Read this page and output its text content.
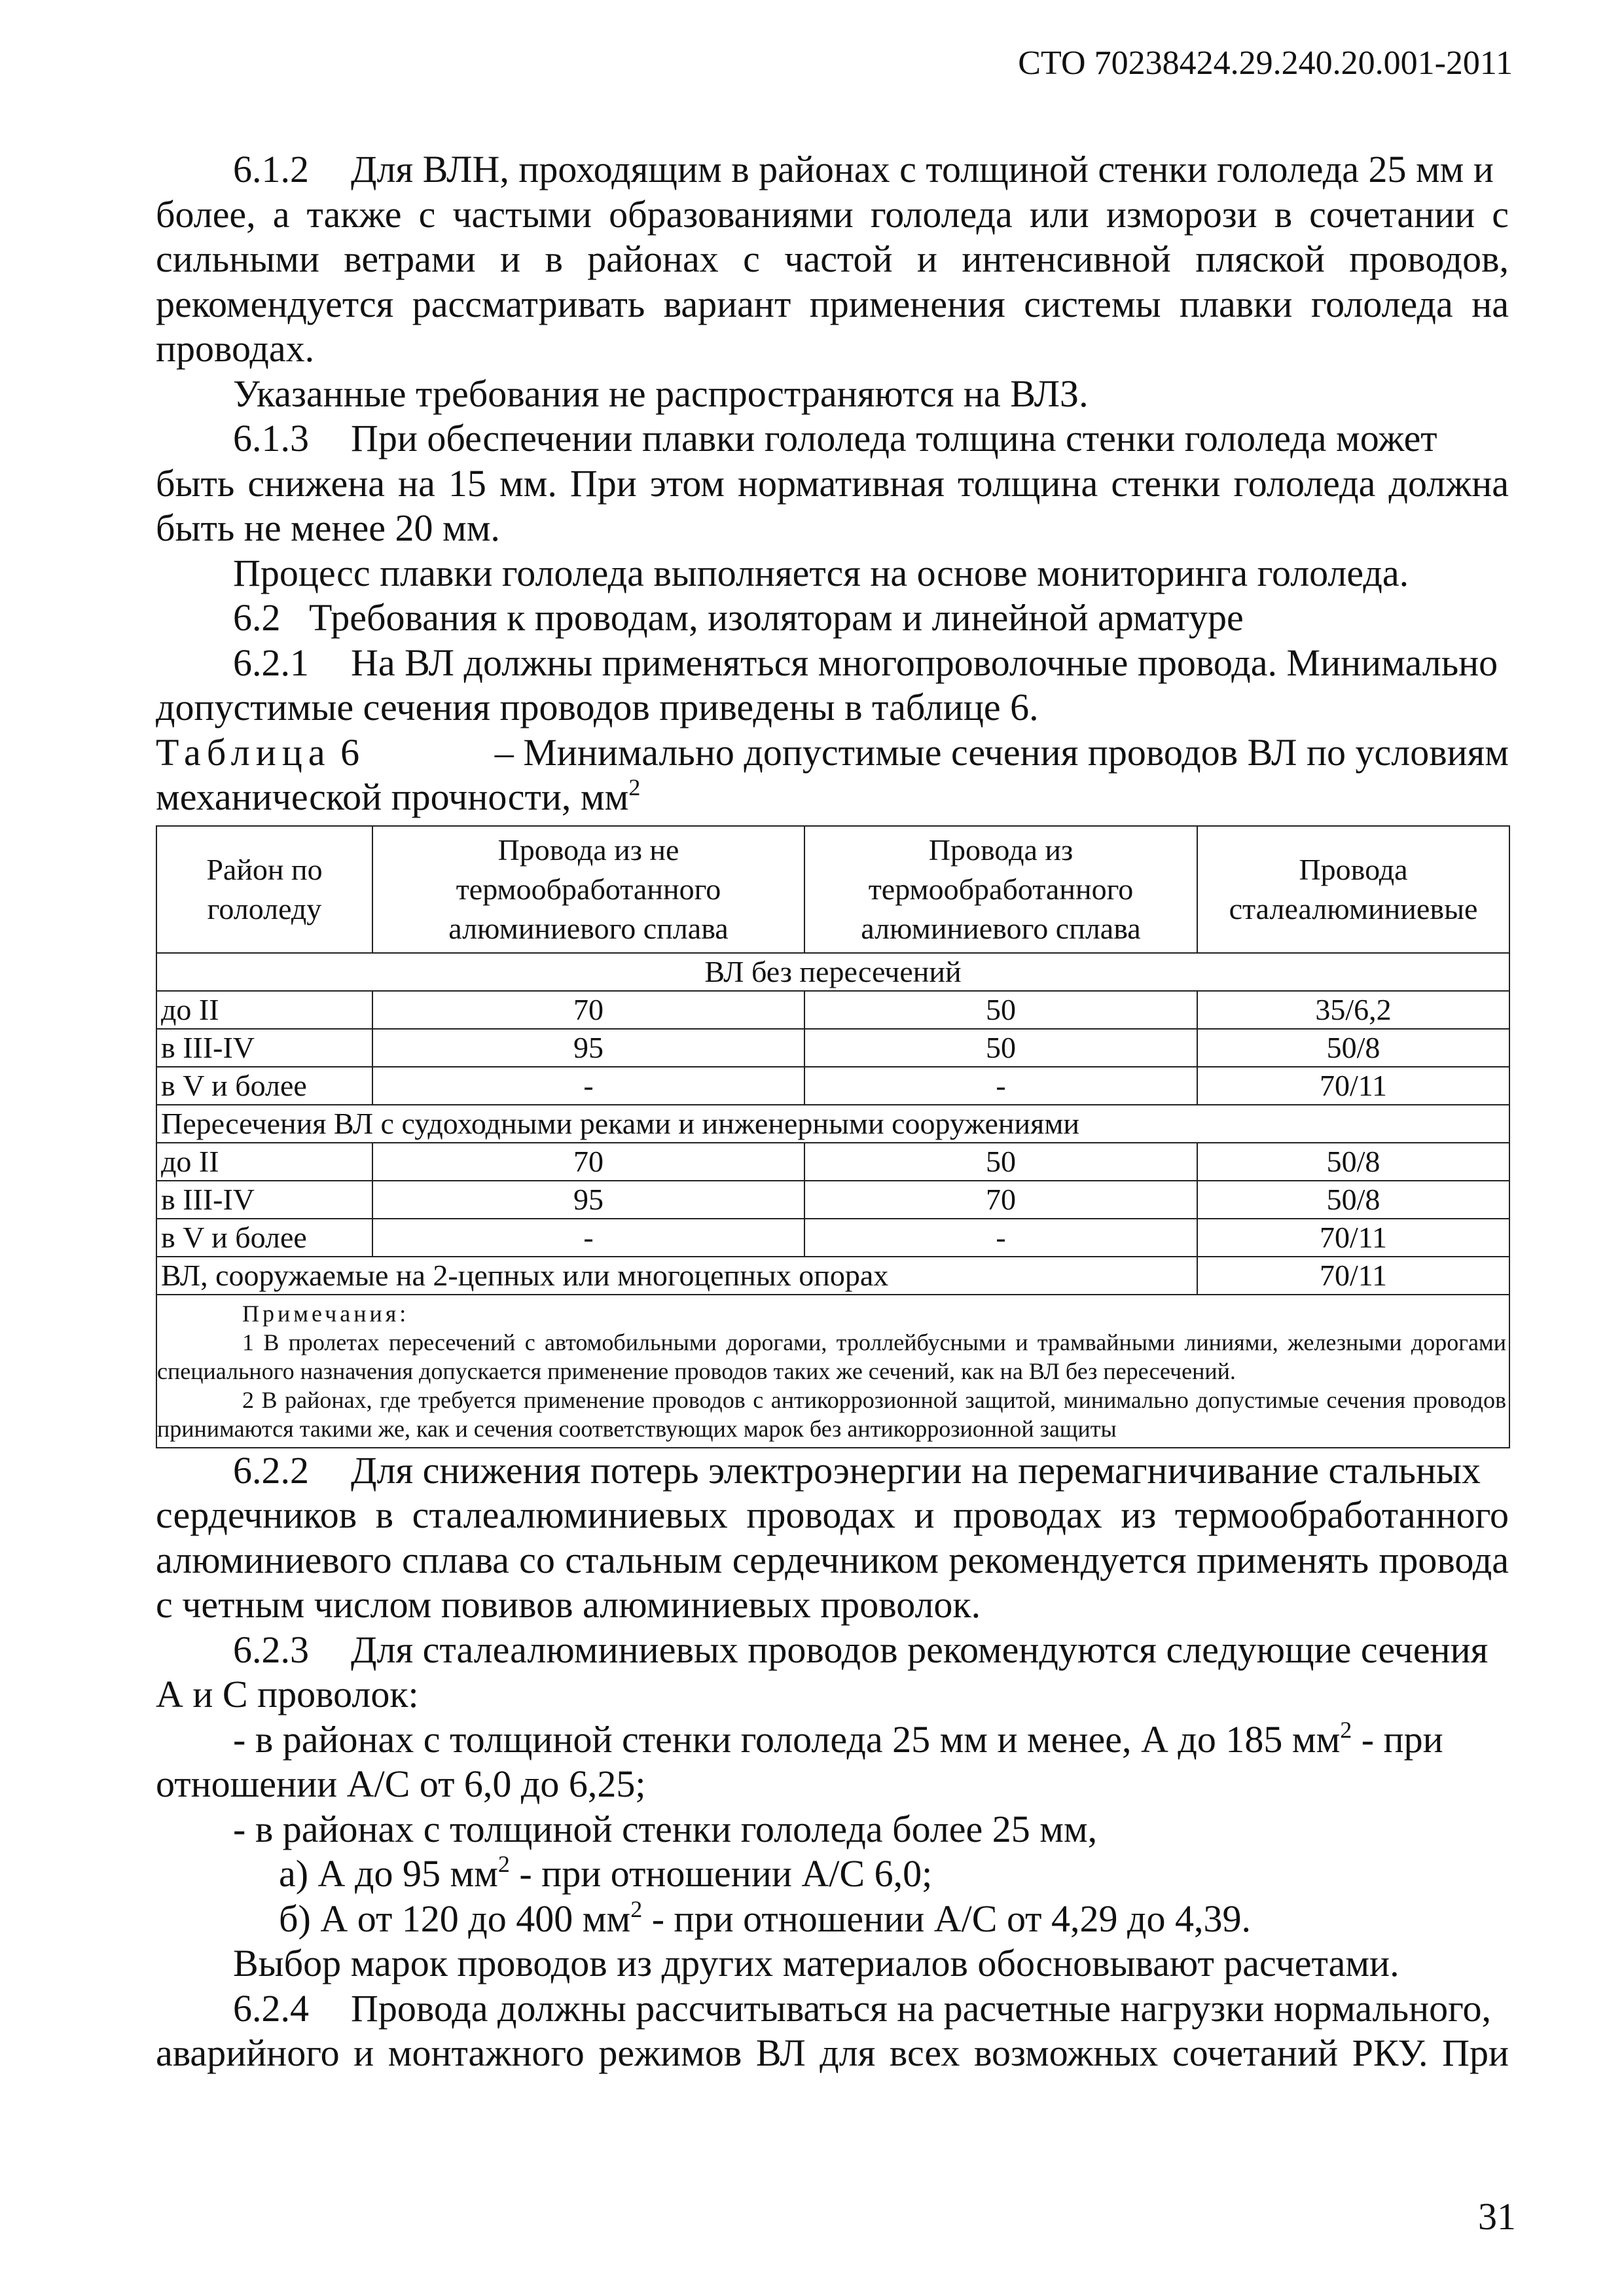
СТО 70238424.29.240.20.001-2011

6.1.2 Для ВЛН, проходящим в районах с толщиной стенки гололеда 25 мм и

более, а также с частыми образованиями гололеда или изморози в сочетании с сильными ветрами и в районах с частой и интенсивной пляской проводов, рекомендуется рассматривать вариант применения системы плавки гололеда на проводах.

Указанные требования не распространяются на ВЛЗ.

6.1.3 При обеспечении плавки гололеда толщина стенки гололеда может

быть снижена на 15 мм. При этом нормативная толщина стенки гололеда должна быть не менее 20 мм.

Процесс плавки гололеда выполняется на основе мониторинга гололеда.

6.2   Требования к проводам, изоляторам и линейной арматуре

6.2.1 На ВЛ должны применяться многопроволочные провода. Минимально

допустимые сечения проводов приведены в таблице 6.

Таблица 6	– Минимально допустимые сечения проводов ВЛ по условиям

механической прочности, $мм^2$

Район по гололеду	Провода из не термообработанного алюминиевого сплава	Провода из термообработанного алюминиевого сплава	Провода сталеалюминиевые
ВЛ без пересечений			
до II	70	50	35/6,2
в III-IV	95	50	50/8
в V и более	-	-	70/11
Пересечения ВЛ с судоходными реками и инженерными сооружениями			
до II	70	50	50/8
в III-IV	95	70	50/8
в V и более	-	-	70/11
ВЛ, сооружаемые на 2-цепных или многоцепных опорах			70/11

Примечания:

1 В пролетах пересечений с автомобильными дорогами, троллейбусными и трамвайными линиями, железными дорогами специального назначения допускается применение проводов таких же сечений, как на ВЛ без пересечений.

2 В районах, где требуется применение проводов с антикоррозионной защитой, минимально допустимые сечения проводов принимаются такими же, как и сечения соответствующих марок без антикоррозионной защиты			

6.2.2 Для снижения потерь электроэнергии на перемагничивание стальных

сердечников в сталеалюминиевых проводах и проводах из термообработанного алюминиевого сплава со стальным сердечником рекомендуется применять провода с четным числом повивов алюминиевых проволок.

6.2.3 Для сталеалюминиевых проводов рекомендуются следующие сечения

А и С проволок:

- в районах с толщиной стенки гололеда 25 мм и менее, А до 185 $мм^2$ - при

отношении А/С от 6,0 до 6,25;

- в районах с толщиной стенки гололеда более 25 мм,

а) А до 95 $мм^2$ - при отношении А/С 6,0;

б) А от 120 до 400 $мм^2$ - при отношении А/С от 4,29 до 4,39.

Выбор марок проводов из других материалов обосновывают расчетами.

6.2.4 Провода должны рассчитываться на расчетные нагрузки нормального,

аварийного и монтажного режимов ВЛ для всех возможных сочетаний РКУ. При

31
